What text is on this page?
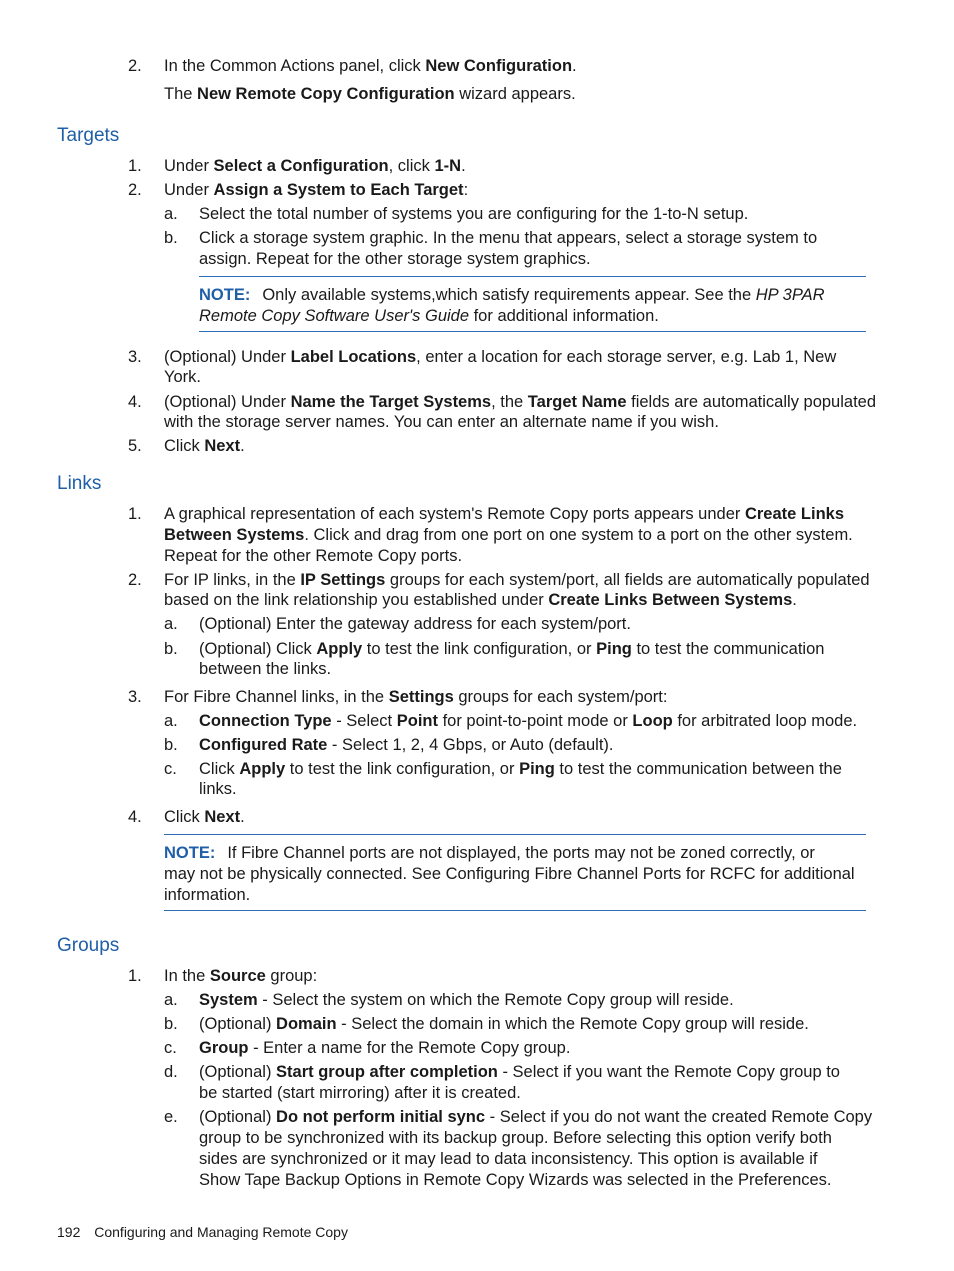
2. In the Common Actions panel, click New Configuration.

The New Remote Copy Configuration wizard appears.

Targets
1. Under Select a Configuration, click 1-N.

2. Under Assign a System to Each Target:

a. Select the total number of systems you are configuring for the 1-to-N setup.

b. Click a storage system graphic. In the menu that appears, select a storage system to

assign. Repeat for the other storage system graphics.

NOTE: Only available systems,which satisfy requirements appear. See the HP 3PAR

Remote Copy Software User's Guide for additional information.

3. (Optional) Under Label Locations, enter a location for each storage server, e.g. Lab 1, New

York.

4. (Optional) Under Name the Target Systems, the Target Name fields are automatically populated

with the storage server names. You can enter an alternate name if you wish.

5. Click Next.

Links
1. A graphical representation of each system's Remote Copy ports appears under Create Links

Between Systems. Click and drag from one port on one system to a port on the other system.

Repeat for the other Remote Copy ports.

2. For IP links, in the IP Settings groups for each system/port, all fields are automatically populated

based on the link relationship you established under Create Links Between Systems.

a. (Optional) Enter the gateway address for each system/port.

b. (Optional) Click Apply to test the link configuration, or Ping to test the communication

between the links.

3. For Fibre Channel links, in the Settings groups for each system/port:

a. Connection Type - Select Point for point-to-point mode or Loop for arbitrated loop mode.

b. Configured Rate - Select 1, 2, 4 Gbps, or Auto (default).

c. Click Apply to test the link configuration, or Ping to test the communication between the

links.

4. Click Next.

NOTE: If Fibre Channel ports are not displayed, the ports may not be zoned correctly, or

may not be physically connected. See Configuring Fibre Channel Ports for RCFC for additional

information.

Groups
1. In the Source group:

a. System - Select the system on which the Remote Copy group will reside.

b. (Optional) Domain - Select the domain in which the Remote Copy group will reside.

c. Group - Enter a name for the Remote Copy group.

d. (Optional) Start group after completion - Select if you want the Remote Copy group to

be started (start mirroring) after it is created.

e. (Optional) Do not perform initial sync - Select if you do not want the created Remote Copy

group to be synchronized with its backup group. Before selecting this option verify both

sides are synchronized or it may lead to data inconsistency. This option is available if

Show Tape Backup Options in Remote Copy Wizards was selected in the Preferences.

192 Configuring and Managing Remote Copy
